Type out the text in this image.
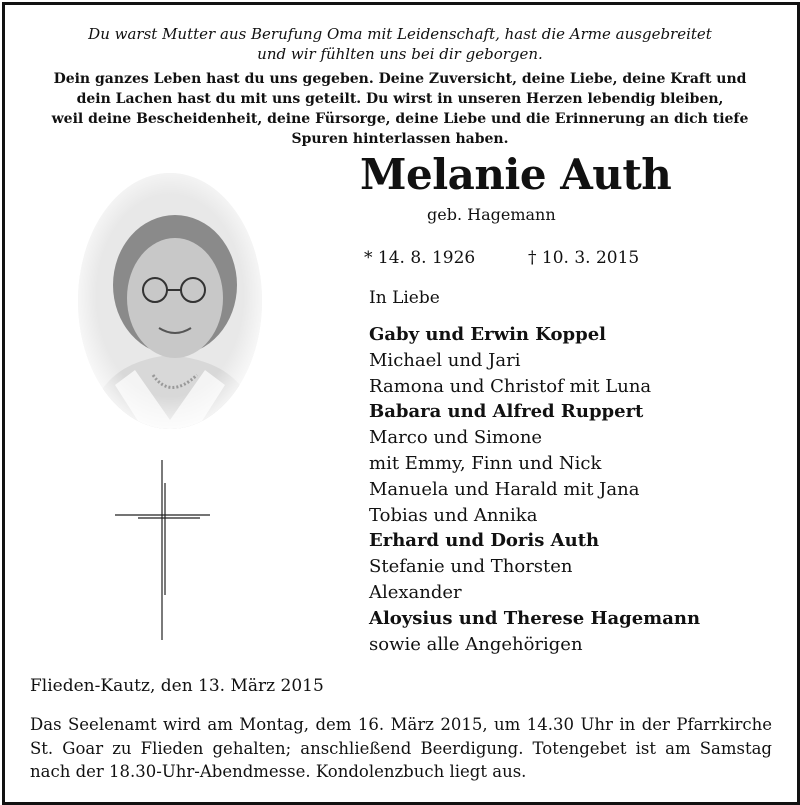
Du warst Mutter aus Berufung Oma mit Leidenschaft, hast die Arme ausgebreitet
und wir fühlten uns bei dir geborgen.
Dein ganzes Leben hast du uns gegeben. Deine Zuversicht, deine Liebe, deine Kraft und
dein Lachen hast du mit uns geteilt. Du wirst in unseren Herzen lebendig bleiben,
weil deine Bescheidenheit, deine Fürsorge, deine Liebe und die Erinnerung an dich tiefe
Spuren hinterlassen haben.
Melanie Auth
geb. Hagemann
* 14. 8. 1926	† 10. 3. 2015
In Liebe
Gaby und Erwin Koppel
Michael und Jari
Ramona und Christof mit Luna
Babara und Alfred Ruppert
Marco und Simone
mit Emmy, Finn und Nick
Manuela und Harald mit Jana
Tobias und Annika
Erhard und Doris Auth
Stefanie und Thorsten
Alexander
Aloysius und Therese Hagemann
sowie alle Angehörigen
Flieden-Kautz, den 13. März 2015
Das Seelenamt wird am Montag, dem 16. März 2015, um 14.30 Uhr in der Pfarrkirche St. Goar zu Flieden gehalten; anschließend Beerdigung. Totengebet ist am Samstag nach der 18.30-Uhr-Abendmesse. Kondolenzbuch liegt aus.
